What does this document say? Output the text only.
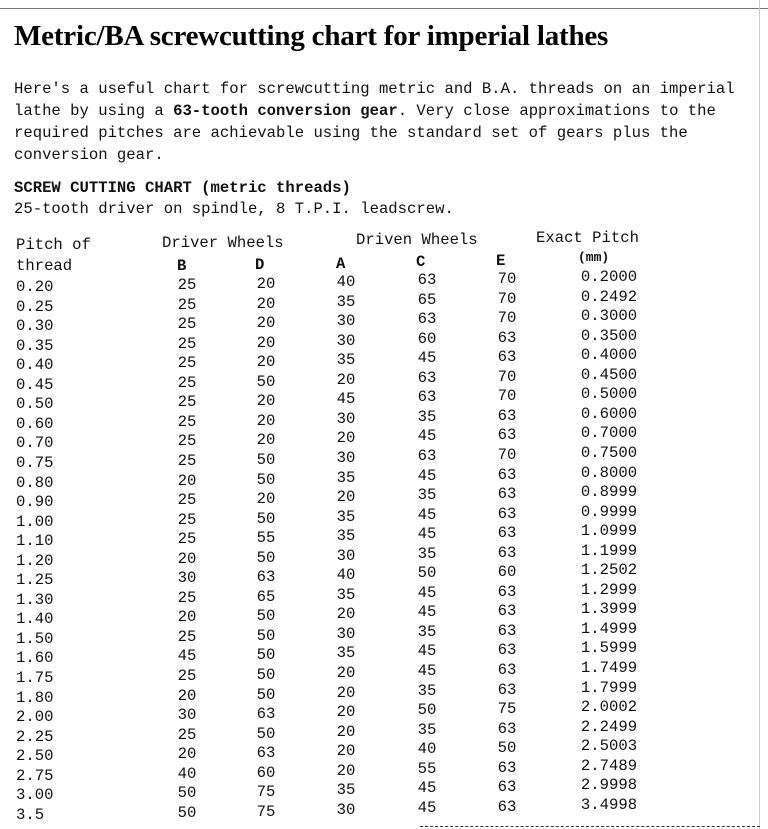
Metric/BA screwcutting chart for imperial lathes

Here's a useful chart for screwcutting metric and B.A. threads on an imperial lathe by using a 63-tooth conversion gear. Very close approximations to the required pitches are achievable using the standard set of gears plus the conversion gear.

SCREW CUTTING CHART (metric threads)
25-tooth driver on spindle, 8 T.P.I. leadscrew.
Pitch of
thread
Driver Wheels	Driven Wheels	Exact Pitch
(mm)
B	D	A	C	E
0.20	25	20	40	63	70	0.2000
0.25	25	20	35	65	70	0.2492
0.30	25	20	30	63	70	0.3000
0.35	25	20	30	60	63	0.3500
0.40	25	20	35	45	63	0.4000
0.45	25	50	20	63	70	0.4500
0.50	25	20	45	63	70	0.5000
0.60	25	20	30	35	63	0.6000
0.70	25	20	20	45	63	0.7000
0.75	25	50	30	63	70	0.7500
0.80	20	50	35	45	63	0.8000
0.90	25	20	20	35	63	0.8999
1.00	25	50	35	45	63	0.9999
1.10	25	55	35	45	63	1.0999
1.20	20	50	30	35	63	1.1999
1.25	30	63	40	50	60	1.2502
1.30	25	65	35	45	63	1.2999
1.40	20	50	20	45	63	1.3999
1.50	25	50	30	35	63	1.4999
1.60	45	50	35	45	63	1.5999
1.75	25	50	20	45	63	1.7499
1.80	20	50	20	35	63	1.7999
2.00	30	63	20	50	75	2.0002
2.25	25	50	20	35	63	2.2499
2.50	20	63	20	40	50	2.5003
2.75	40	60	20	55	63	2.7489
3.00	50	75	35	45	63	2.9998
3.5	50	75	30	45	63	3.4998
